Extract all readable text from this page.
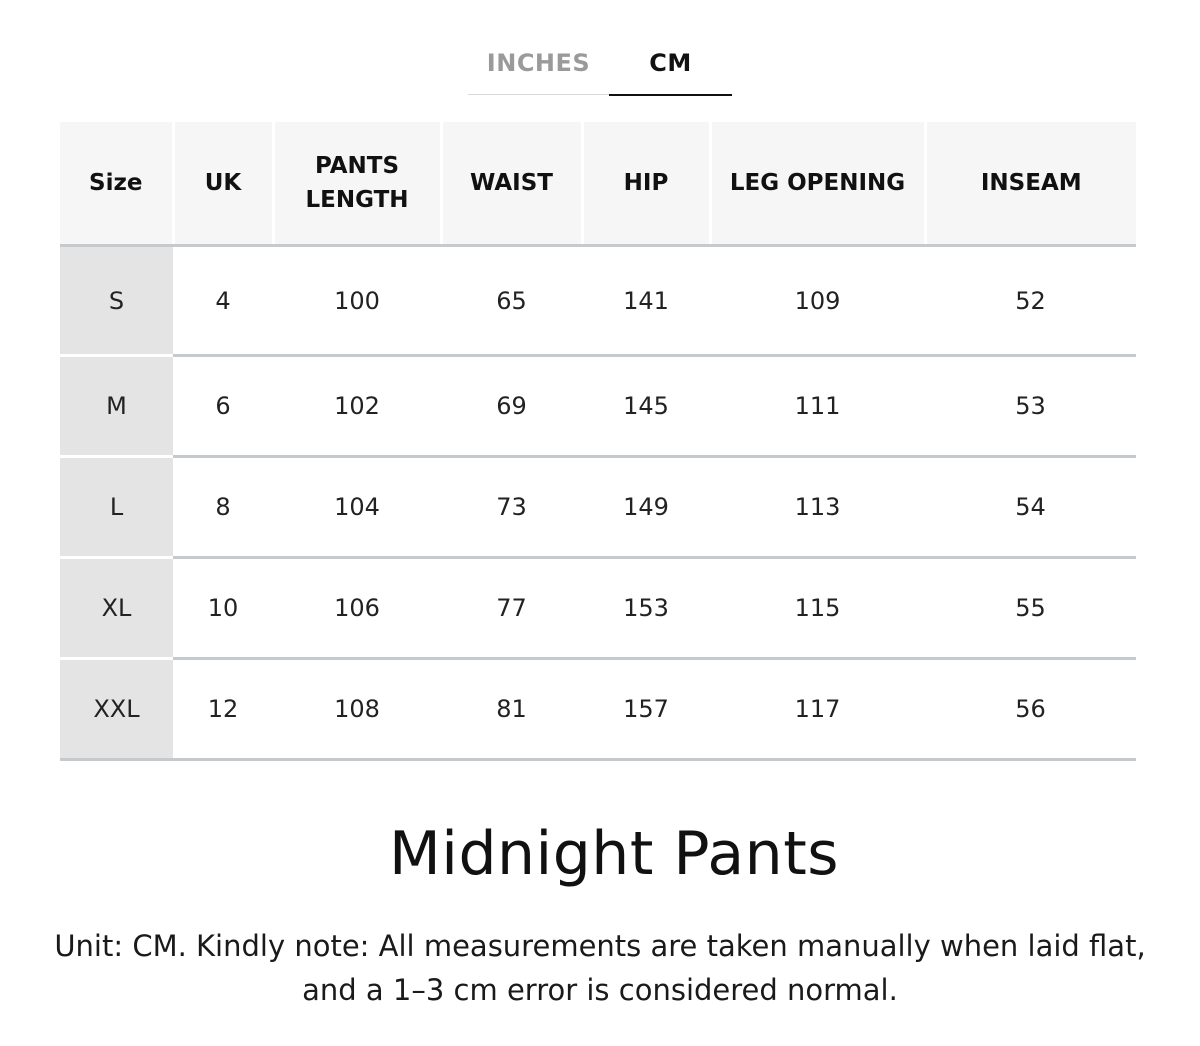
INCHES	CM
Size	UK	PANTS LENGTH	WAIST	HIP	LEG OPENING	INSEAM
S	4	100	65	141	109	52
M	6	102	69	145	111	53
L	8	104	73	149	113	54
XL	10	106	77	153	115	55
XXL	12	108	81	157	117	56
Midnight Pants
Unit: CM. Kindly note: All measurements are taken manually when laid flat, and a 1–3 cm error is considered normal.
